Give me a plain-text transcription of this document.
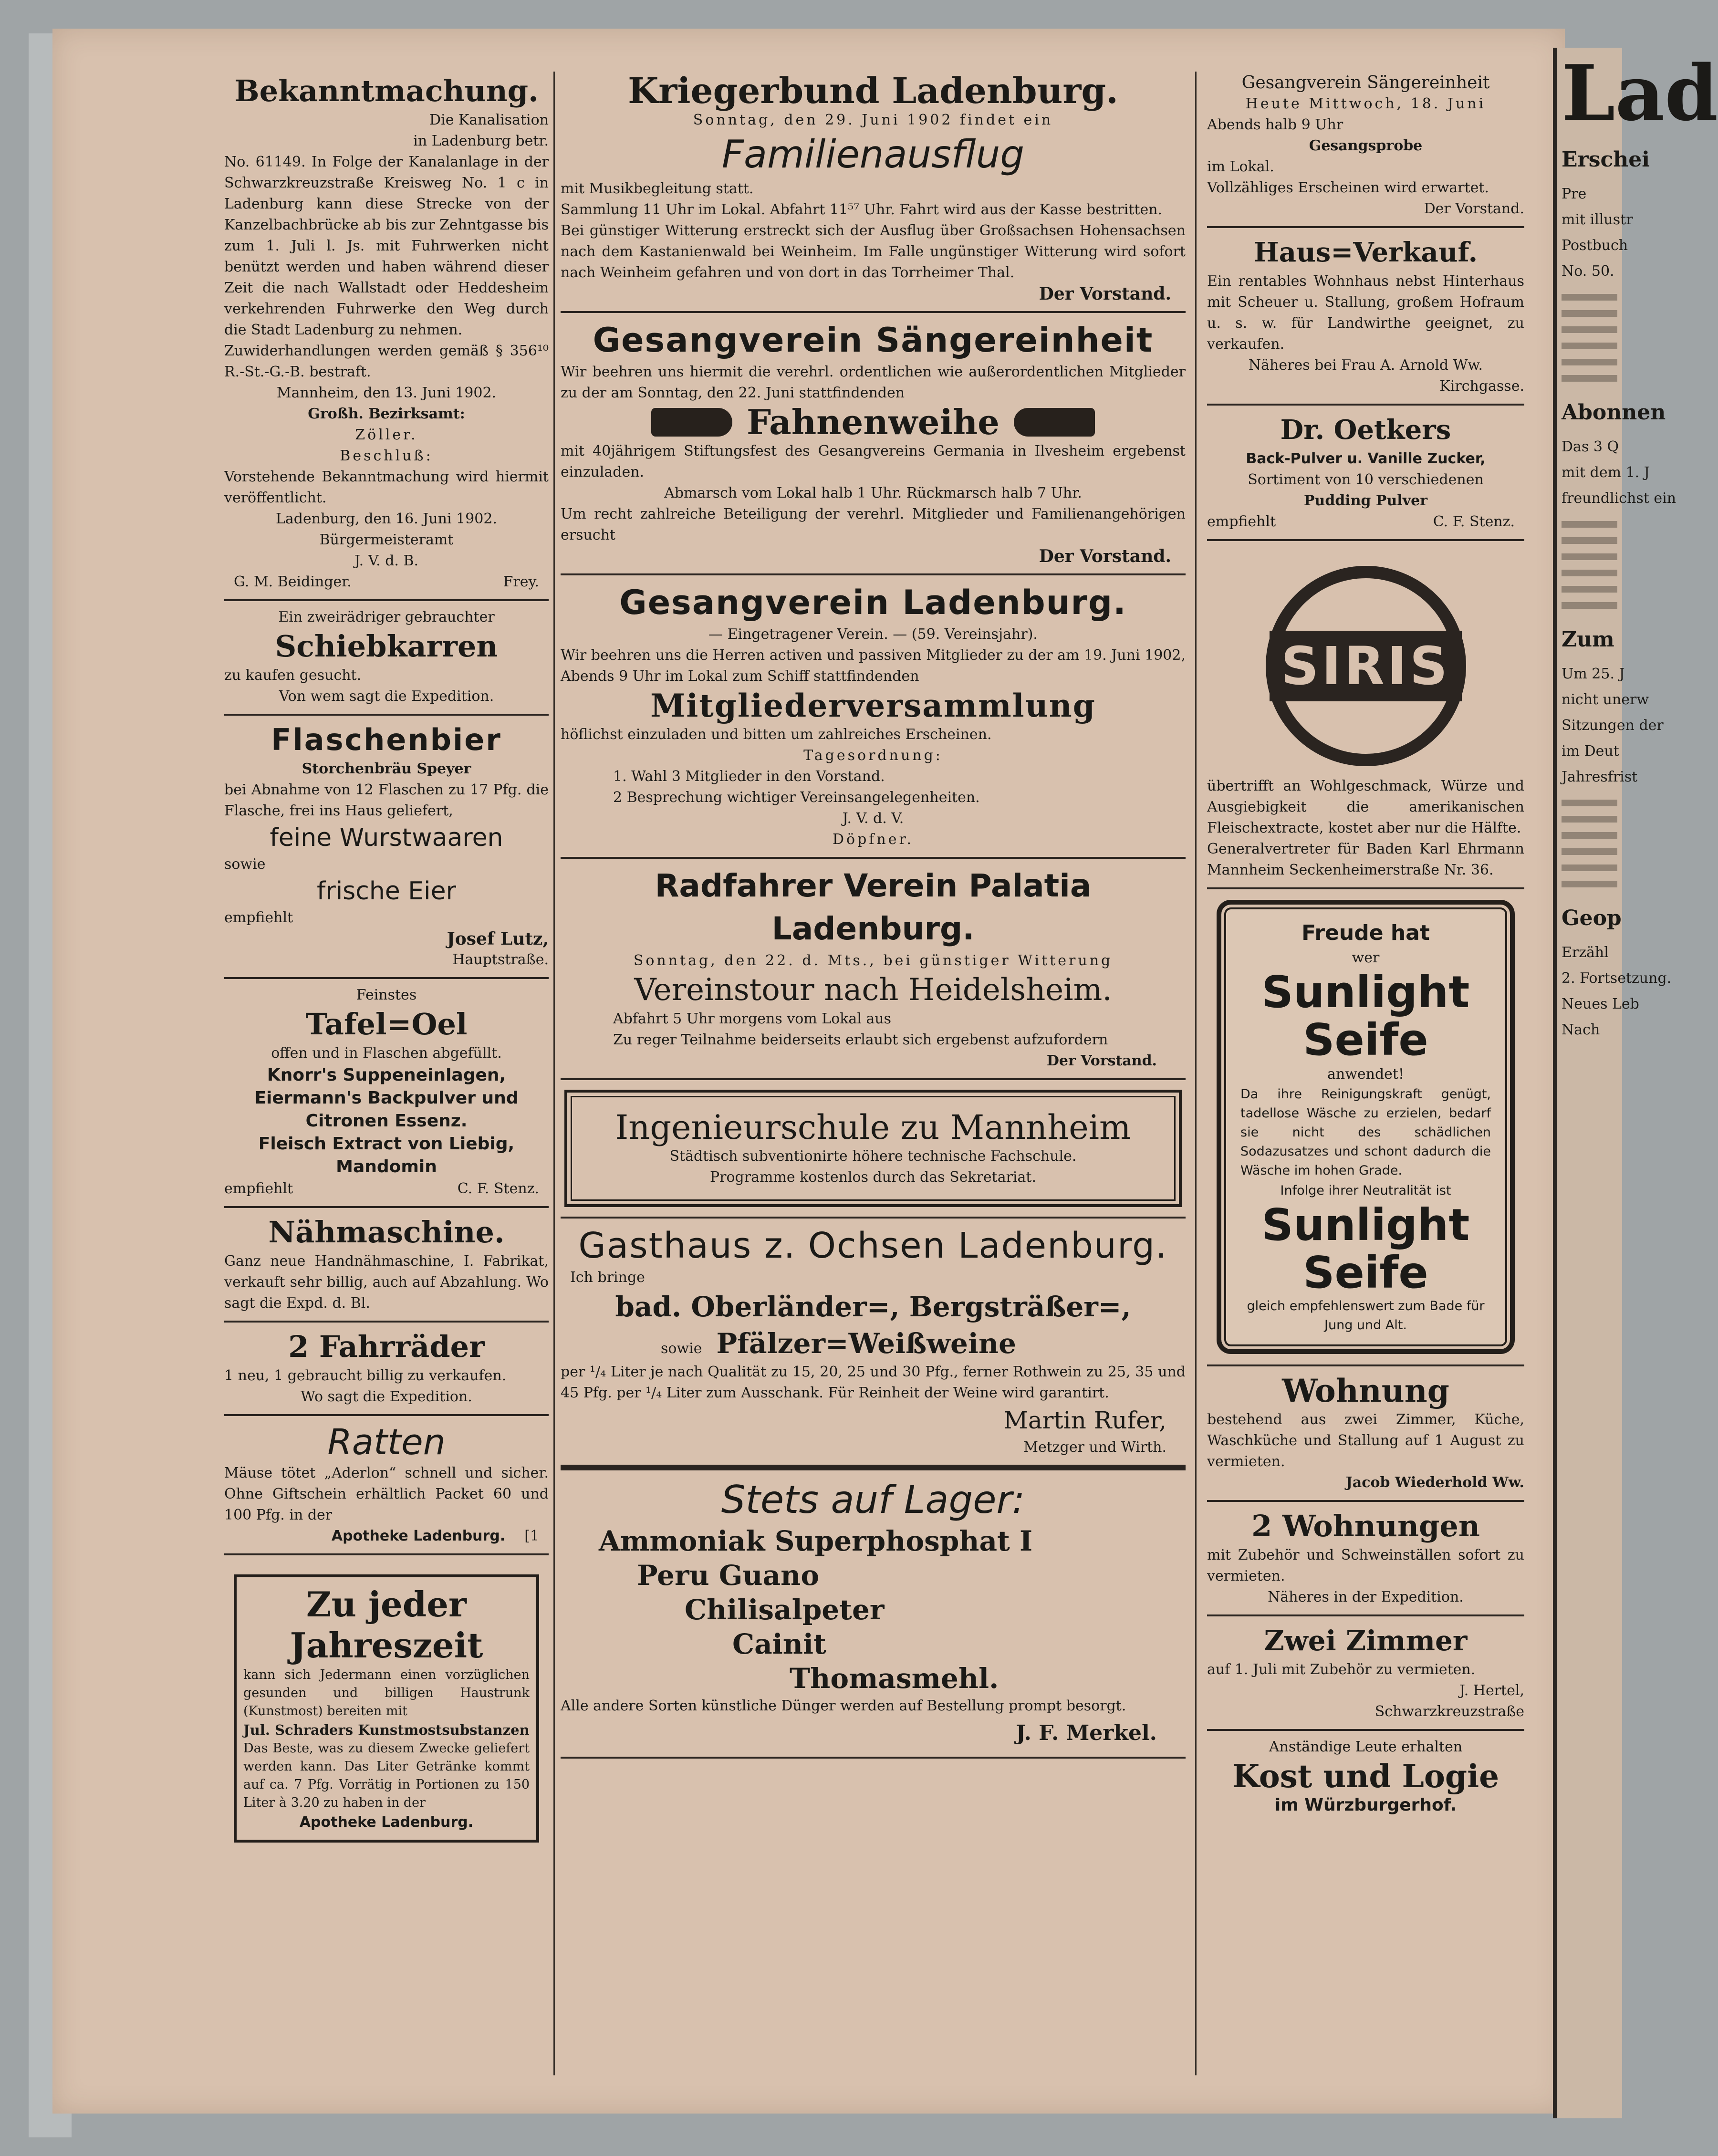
Bekanntmachung.
Die Kanalisation
in Ladenburg betr.
No. 61149. In Folge der Kanalanlage in der Schwarzkreuzstraße Kreisweg No. 1 c in Ladenburg kann diese Strecke von der Kanzelbachbrücke ab bis zur Zehntgasse bis zum 1. Juli l. Js. mit Fuhrwerken nicht benützt werden und haben während dieser Zeit die nach Wallstadt oder Heddesheim verkehrenden Fuhrwerke den Weg durch die Stadt Ladenburg zu nehmen.
Zuwiderhandlungen werden gemäß § 356¹⁰ R.-St.-G.-B. bestraft.
Mannheim, den 13. Juni 1902.
Großh. Bezirksamt:
Zöller.
Beschluß:
Vorstehende Bekanntmachung wird hiermit veröffentlicht.
Ladenburg, den 16. Juni 1902.
Bürgermeisteramt
J. V. d. B.
G. M. Beidinger.	Frey.
Ein zweirädriger gebrauchter
Schiebkarren
zu kaufen gesucht.
Von wem sagt die Expedition.
Flaschenbier
Storchenbräu Speyer
bei Abnahme von 12 Flaschen zu 17 Pfg. die Flasche, frei ins Haus geliefert,
feine Wurstwaaren
sowie
frische Eier
empfiehlt
Josef Lutz,
Hauptstraße.
Feinstes
Tafel=Oel
offen und in Flaschen abgefüllt.
Knorr's Suppeneinlagen,
Eiermann's Backpulver und
Citronen Essenz.
Fleisch Extract von Liebig,
Mandomin
empfiehlt	C. F. Stenz.
Nähmaschine.
Ganz neue Handnähmaschine, I. Fabrikat, verkauft sehr billig, auch auf Abzahlung. Wo sagt die Expd. d. Bl.
2 Fahrräder
1 neu, 1 gebraucht billig zu verkaufen.
Wo sagt die Expedition.
Ratten
Mäuse tötet „Aderlon“ schnell und sicher. Ohne Giftschein erhältlich Packet 60 und 100 Pfg. in der
Apotheke Ladenburg. [1
Zu jeder
Jahreszeit
kann sich Jedermann einen vorzüglichen gesunden und billigen Haustrunk (Kunstmost) bereiten mit
Jul. Schraders Kunstmostsubstanzen
Das Beste, was zu diesem Zwecke geliefert werden kann. Das Liter Getränke kommt auf ca. 7 Pfg. Vorrätig in Portionen zu 150 Liter à 3.20 zu haben in der
Apotheke Ladenburg.
Kriegerbund Ladenburg.
Sonntag, den 29. Juni 1902 findet ein
Familienausflug
mit Musikbegleitung statt.
Sammlung 11 Uhr im Lokal. Abfahrt 11⁵⁷ Uhr. Fahrt wird aus der Kasse bestritten.
Bei günstiger Witterung erstreckt sich der Ausflug über Großsachsen Hohensachsen nach dem Kastanienwald bei Weinheim. Im Falle ungünstiger Witterung wird sofort nach Weinheim gefahren und von dort in das Torrheimer Thal.
Der Vorstand.
Gesangverein Sängereinheit
Wir beehren uns hiermit die verehrl. ordentlichen wie außerordentlichen Mitglieder zu der am Sonntag, den 22. Juni stattfindenden
Fahnenweihe
mit 40jährigem Stiftungsfest des Gesangvereins Germania in Ilvesheim ergebenst einzuladen.
Abmarsch vom Lokal halb 1 Uhr. Rückmarsch halb 7 Uhr.
Um recht zahlreiche Beteiligung der verehrl. Mitglieder und Familienangehörigen ersucht
Der Vorstand.
Gesangverein Ladenburg.
— Eingetragener Verein. — (59. Vereinsjahr).
Wir beehren uns die Herren activen und passiven Mitglieder zu der am 19. Juni 1902, Abends 9 Uhr im Lokal zum Schiff stattfindenden
Mitgliederversammlung
höflichst einzuladen und bitten um zahlreiches Erscheinen.
Tagesordnung:
1. Wahl 3 Mitglieder in den Vorstand.
2 Besprechung wichtiger Vereinsangelegenheiten.
J. V. d. V.
Döpfner.
Radfahrer Verein Palatia Ladenburg.
Sonntag, den 22. d. Mts., bei günstiger Witterung
Vereinstour nach Heidelsheim.
Abfahrt 5 Uhr morgens vom Lokal aus
Zu reger Teilnahme beiderseits erlaubt sich ergebenst aufzufordern
Der Vorstand.
Ingenieurschule zu Mannheim
Städtisch subventionirte höhere technische Fachschule.
Programme kostenlos durch das Sekretariat.
Gasthaus z. Ochsen Ladenburg.
Ich bringe
bad. Oberländer=, Bergsträßer=,
sowie Pfälzer=Weißweine
per ¹/₄ Liter je nach Qualität zu 15, 20, 25 und 30 Pfg., ferner Rothwein zu 25, 35 und 45 Pfg. per ¹/₄ Liter zum Ausschank. Für Reinheit der Weine wird garantirt.
Martin Rufer,
Metzger und Wirth.
Stets auf Lager:
Ammoniak Superphosphat I
Peru Guano
Chilisalpeter
Cainit
Thomasmehl.
Alle andere Sorten künstliche Dünger werden auf Bestellung prompt besorgt.
J. F. Merkel.
Gesangverein Sängereinheit
Heute Mittwoch, 18. Juni
Abends halb 9 Uhr
Gesangsprobe
im Lokal.
Vollzähliges Erscheinen wird erwartet.
Der Vorstand.
Haus=Verkauf.
Ein rentables Wohnhaus nebst Hinterhaus mit Scheuer u. Stallung, großem Hofraum u. s. w. für Landwirthe geeignet, zu verkaufen.
Näheres bei Frau A. Arnold Ww.
Kirchgasse.
Dr. Oetkers
Back-Pulver u. Vanille Zucker,
Sortiment von 10 verschiedenen
Pudding Pulver
empfiehlt	C. F. Stenz.
SIRIS
übertrifft an Wohlgeschmack, Würze und Ausgiebigkeit die amerikanischen Fleischextracte, kostet aber nur die Hälfte.
Generalvertreter für Baden Karl Ehrmann Mannheim Seckenheimerstraße Nr. 36.
Freude hat
wer
Sunlight
Seife
anwendet!
Da ihre Reinigungskraft genügt, tadellose Wäsche zu erzielen, bedarf sie nicht des schädlichen Sodazusatzes und schont dadurch die Wäsche im hohen Grade.
Infolge ihrer Neutralität ist
Sunlight
Seife
gleich empfehlenswert zum Bade für Jung und Alt.
Wohnung
bestehend aus zwei Zimmer, Küche, Waschküche und Stallung auf 1 August zu vermieten.
Jacob Wiederhold Ww.
2 Wohnungen
mit Zubehör und Schweinställen sofort zu vermieten.
Näheres in der Expedition.
Zwei Zimmer
auf 1. Juli mit Zubehör zu vermieten.
J. Hertel,
Schwarzkreuzstraße
Anständige Leute erhalten
Kost und Logie
im Würzburgerhof.
Lad
Erschei
Pre
mit illustr
Postbuch
No. 50.
Abonnen
Das 3 Q
mit dem 1. J
freundlichst ein
Zum
Um 25. J
nicht unerw
Sitzungen der
im Deut
Jahresfrist
Geop
Erzähl
2. Fortsetzung.
Neues Leb
Nach
